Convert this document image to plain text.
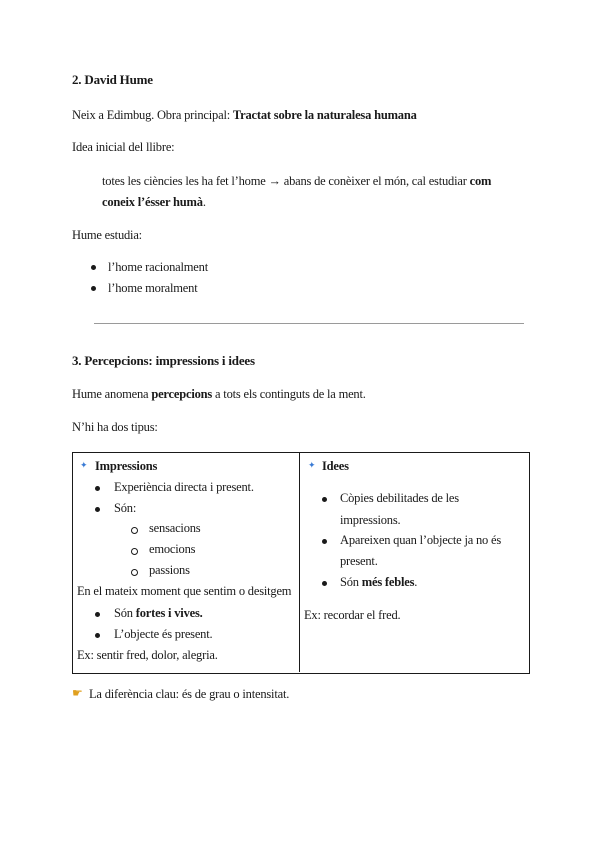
2. David Hume
Neix a Edimbug. Obra principal: Tractat sobre la naturalesa humana
Idea inicial del llibre:
totes les ciències les ha fet l’home → abans de conèixer el món, cal estudiar com
coneix l’ésser humà.
Hume estudia:
l’home racionalment
l’home moralment
3. Percepcions: impressions i idees
Hume anomena percepcions a tots els continguts de la ment.
N’hi ha dos tipus:
✦ Impressions
Experiència directa i present.
Són:
sensacions
emocions
passions
En el mateix moment que sentim o desitgem
Són fortes i vives.
L’objecte és present.
Ex: sentir fred, dolor, alegria.
✦ Idees
Còpies debilitades de les
impressions.
Apareixen quan l’objecte ja no és
present.
Són més febles.
Ex: recordar el fred.
☛ La diferència clau: és de grau o intensitat.
